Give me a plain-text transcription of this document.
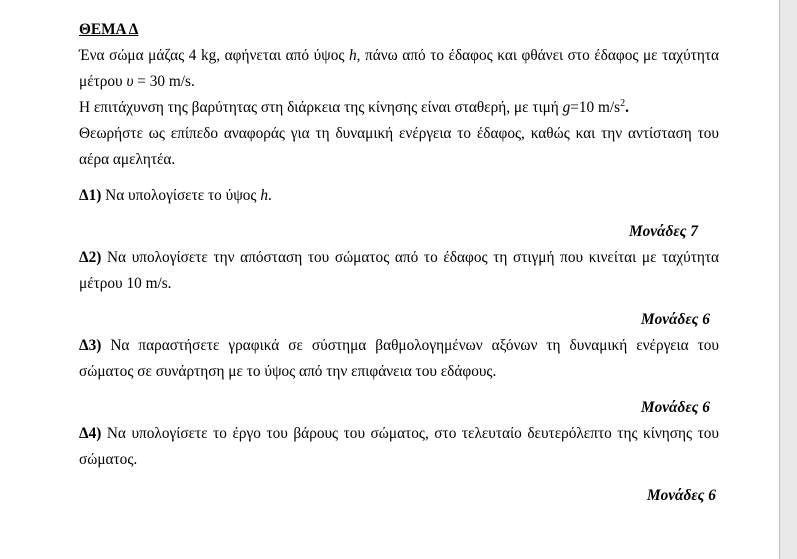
ΘΕΜΑ Δ

Ένα σώμα μάζας 4 kg, αφήνεται από ύψος h, πάνω από το έδαφος και φθάνει στο έδαφος με ταχύτητα μέτρου υ = 30 m/s.

Η επιτάχυνση της βαρύτητας στη διάρκεια της κίνησης είναι σταθερή, με τιμή g=10 $m/s^2$.

Θεωρήστε ως επίπεδο αναφοράς για τη δυναμική ενέργεια το έδαφος, καθώς και την αντίσταση του αέρα αμελητέα.

Δ1) Να υπολογίσετε το ύψος h.

Μονάδες 7

Δ2) Να υπολογίσετε την απόσταση του σώματος από το έδαφος τη στιγμή που κινείται με ταχύτητα μέτρου 10 m/s.

Μονάδες 6

Δ3) Να παραστήσετε γραφικά σε σύστημα βαθμολογημένων αξόνων τη δυναμική ενέργεια του σώματος σε συνάρτηση με το ύψος από την επιφάνεια του εδάφους.

Μονάδες 6

Δ4) Να υπολογίσετε το έργο του βάρους του σώματος, στο τελευταίο δευτερόλεπτο της κίνησης του σώματος.

Μονάδες 6
